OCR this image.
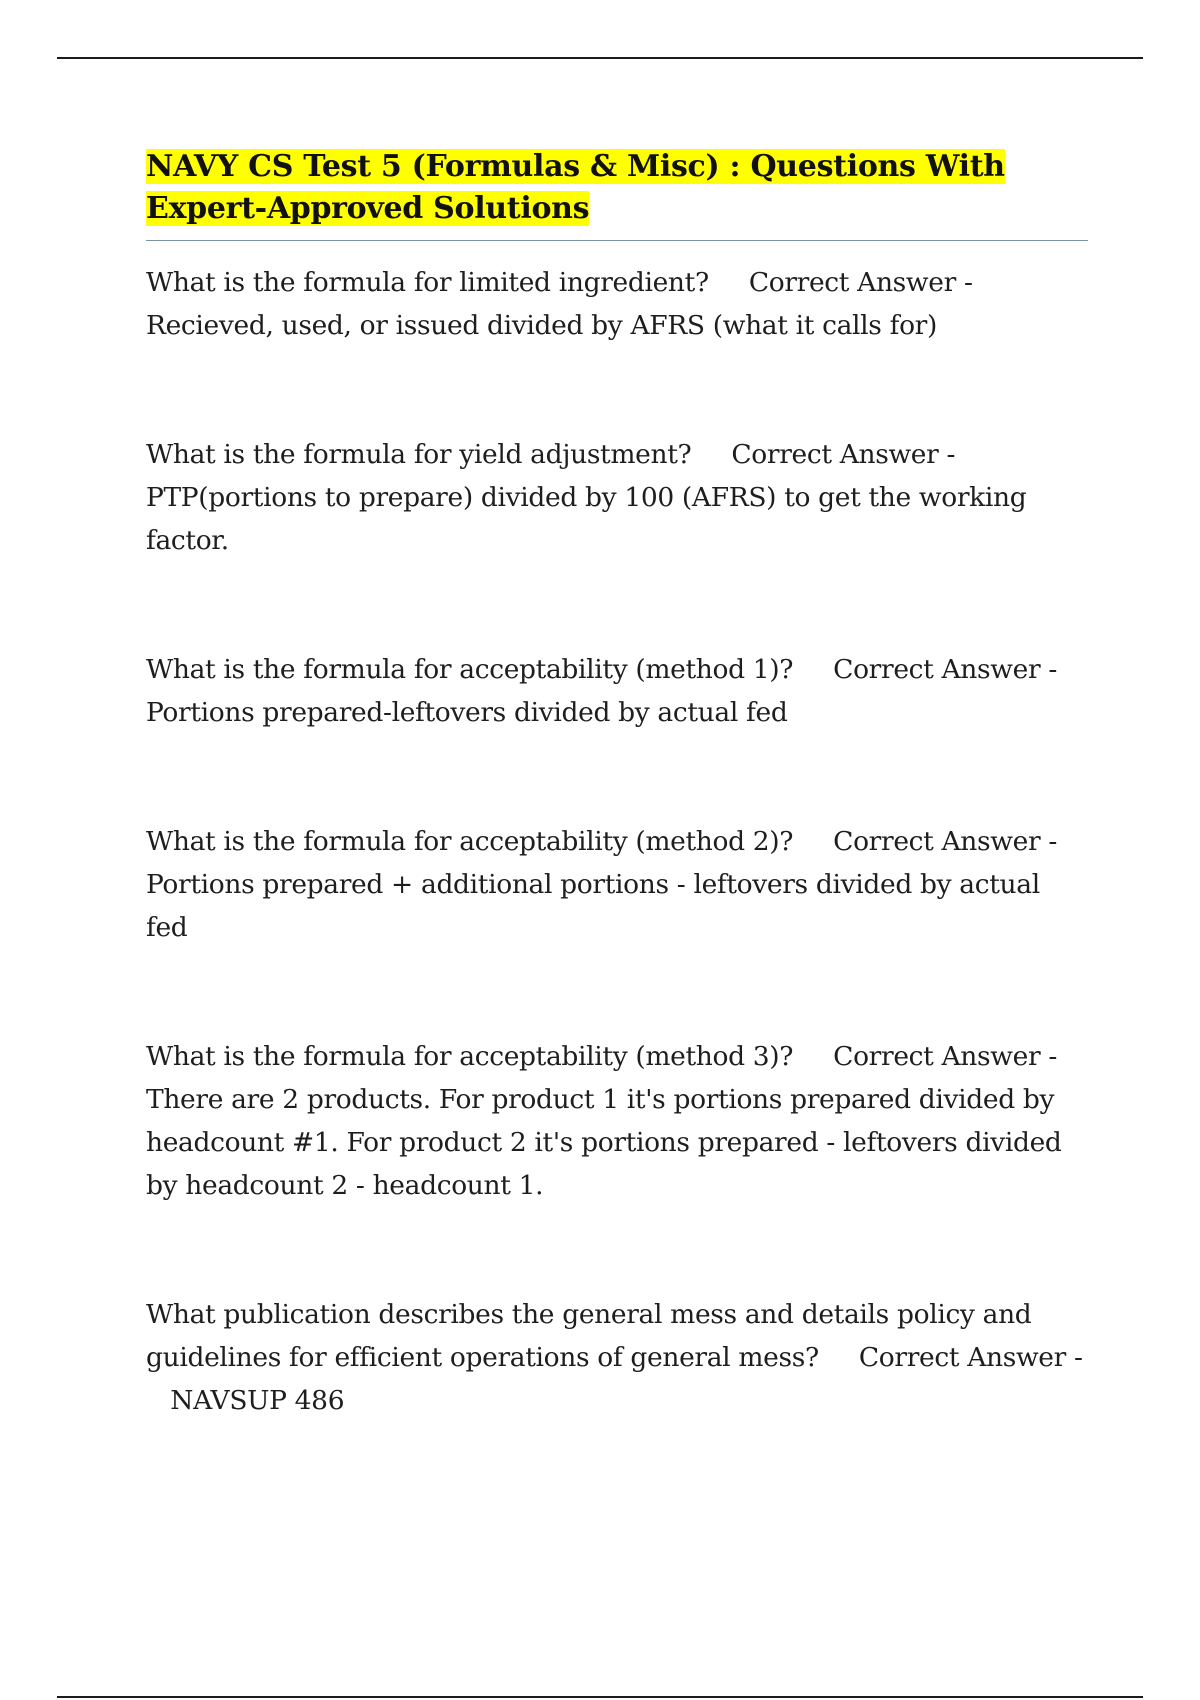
NAVY CS Test 5 (Formulas & Misc) : Questions With Expert-Approved Solutions

What is the formula for limited ingredient? Correct Answer - Recieved, used, or issued divided by AFRS (what it calls for)

What is the formula for yield adjustment? Correct Answer - PTP(portions to prepare) divided by 100 (AFRS) to get the working factor.

What is the formula for acceptability (method 1)? Correct Answer -   Portions prepared-leftovers divided by actual fed

What is the formula for acceptability (method 2)? Correct Answer -   Portions prepared + additional portions - leftovers divided by actual fed

What is the formula for acceptability (method 3)? Correct Answer -   There are 2 products. For product 1 it's portions prepared divided by headcount #1. For product 2 it's portions prepared - leftovers divided by headcount 2 - headcount 1.

What publication describes the general mess and details policy and guidelines for efficient operations of general mess? Correct Answer -   NAVSUP 486
